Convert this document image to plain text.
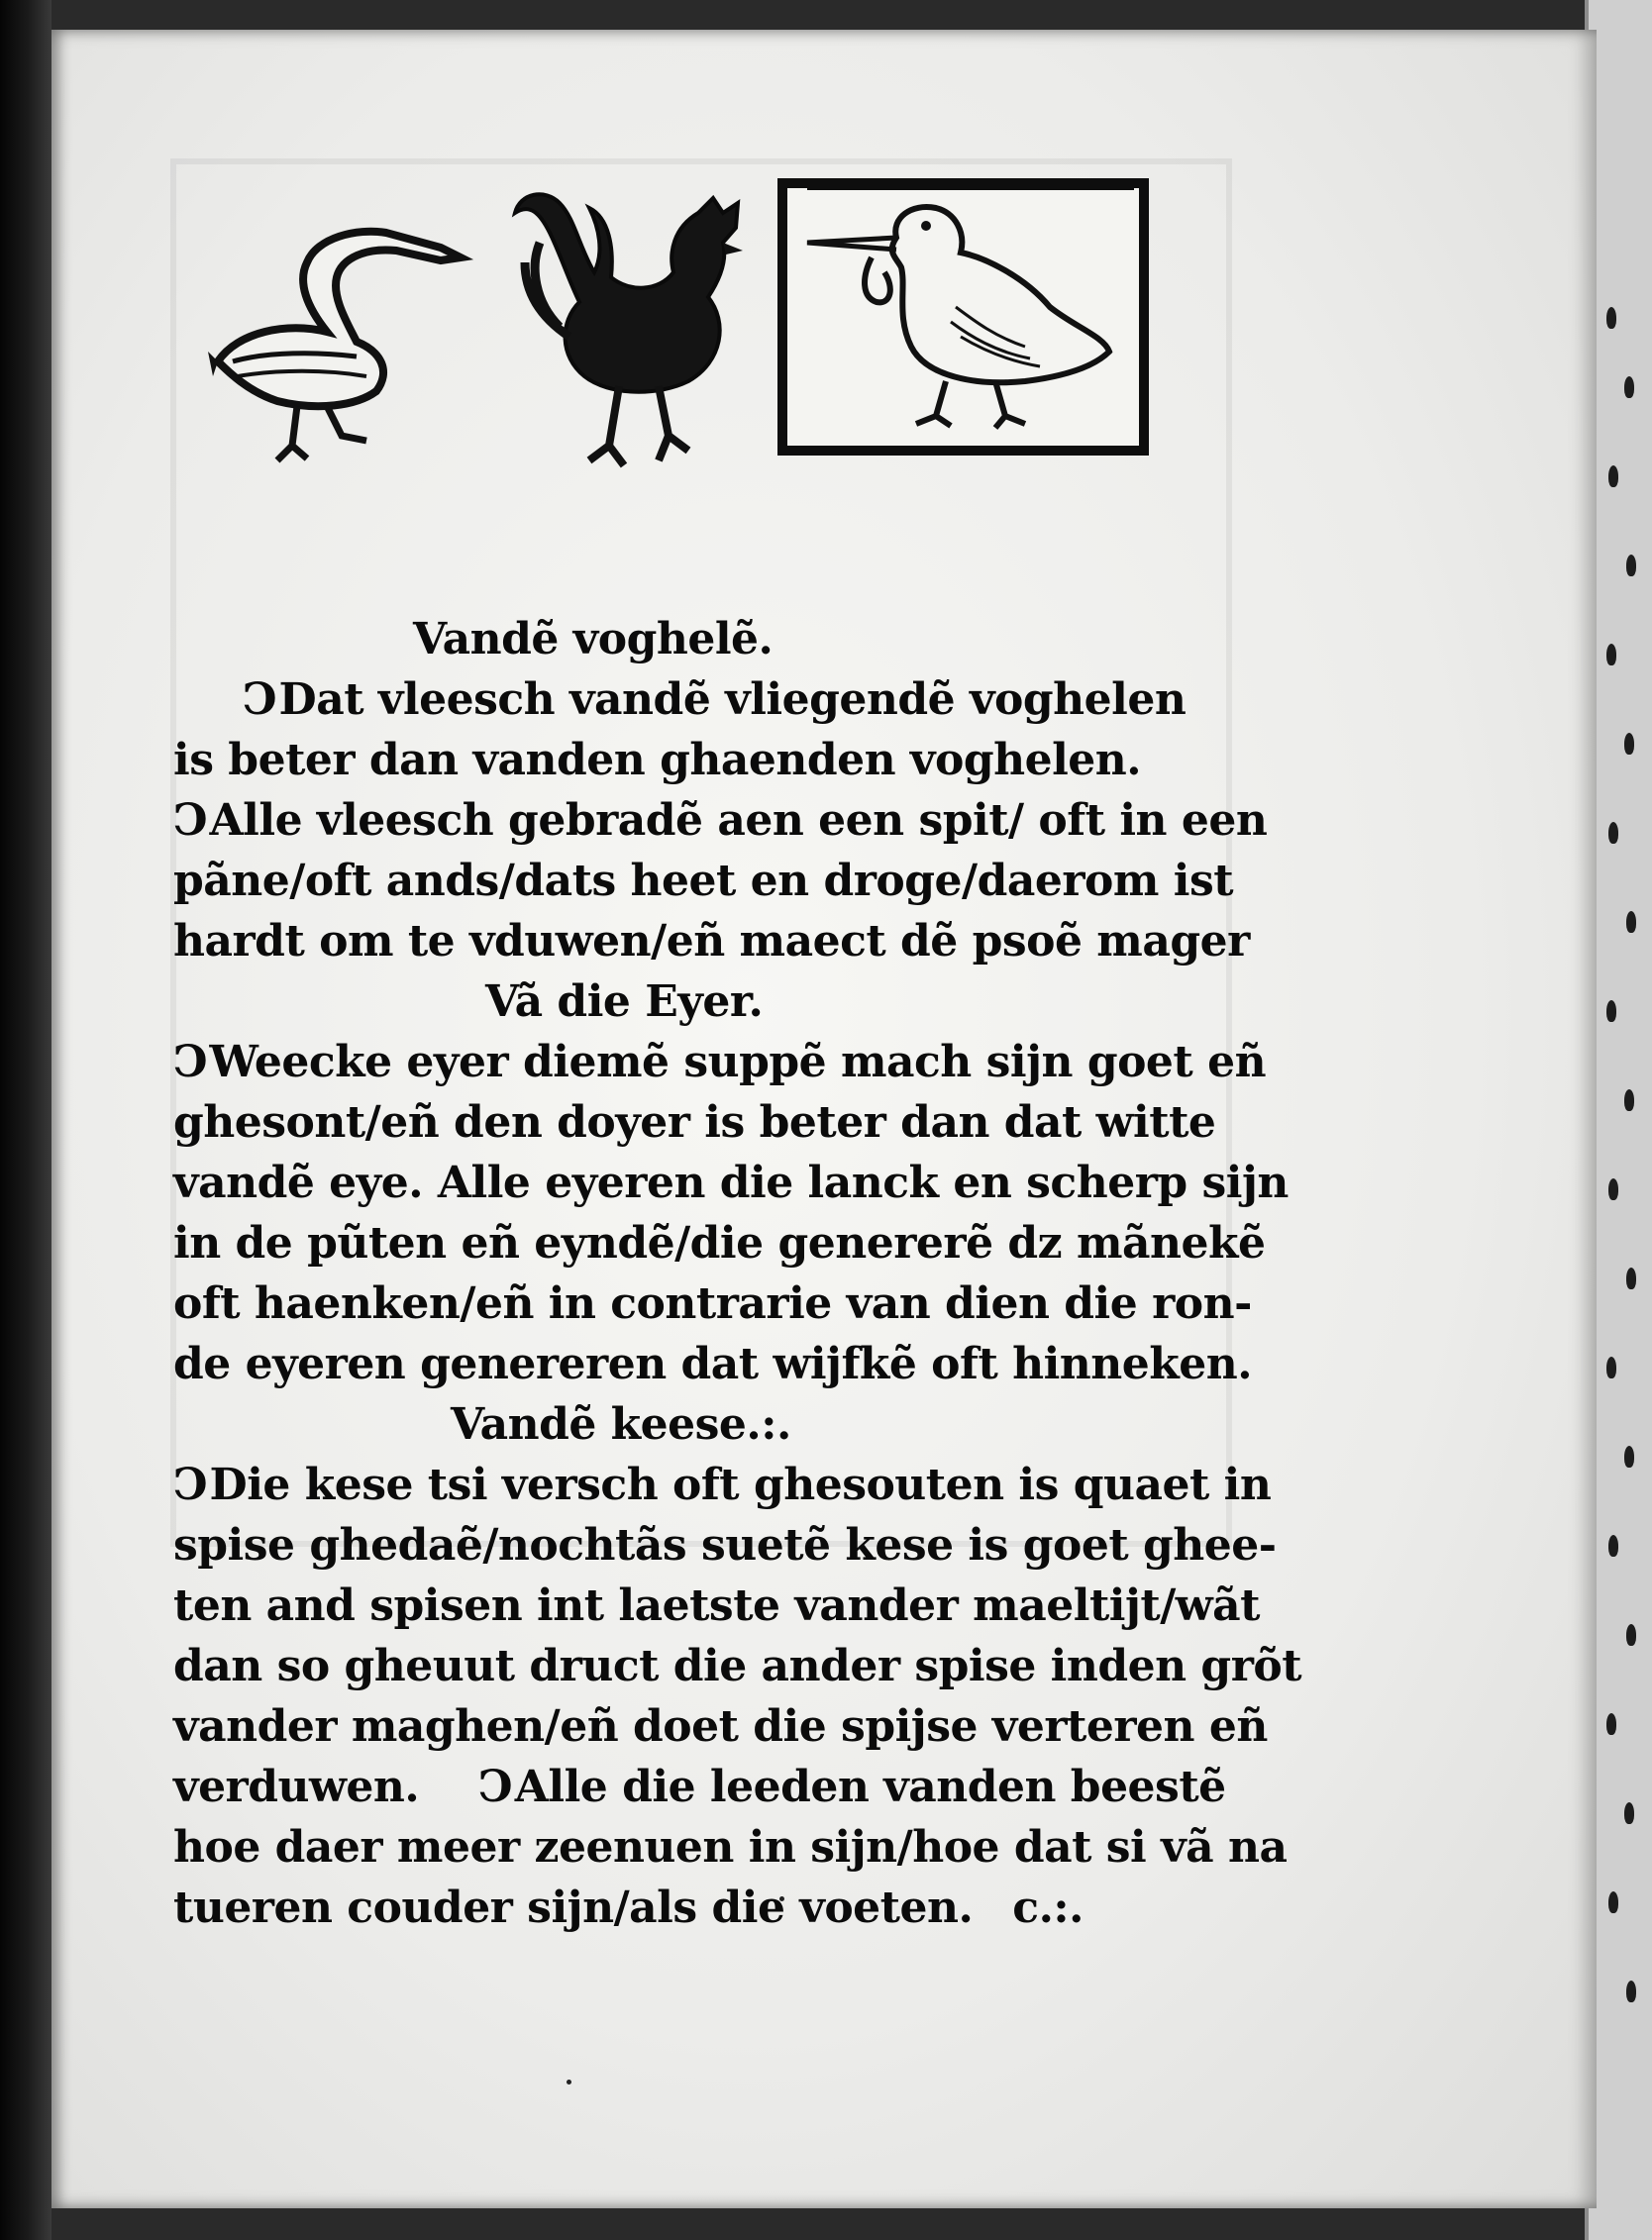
Vandẽ voghelẽ.
CDat vleesch vandẽ vliegendẽ voghelen
is beter dan vanden ghaenden voghelen.
CAlle vleesch gebradẽ aen een spit/ oft in een
pãne/oft ands/dats heet en droge/daerom ist
hardt om te vduwen/eñ maect dẽ psoẽ mager
Vã die Eyer.
CWeecke eyer diemẽ suppẽ mach sijn goet eñ
ghesont/eñ den doyer is beter dan dat witte
vandẽ eye. Alle eyeren die lanck en scherp sijn
in de pũten eñ eyndẽ/die genererẽ dz mãnekẽ
oft haenken/eñ in contrarie van dien die ron-
de eyeren genereren dat wijfkẽ oft hinneken.
Vandẽ keese.:.
CDie kese tsi versch oft ghesouten is quaet in
spise ghedaẽ/nochtãs suetẽ kese is goet ghee-
ten and spisen int laetste vander maeltijt/wãt
dan so gheuut druct die ander spise inden grõt
vander maghen/eñ doet die spijse verteren eñ
verduwen. CAlle die leeden vanden beestẽ
hoe daer meer zeenuen in sijn/hoe dat si vã na
tueren couder sijn/als die voeten. c.:.
